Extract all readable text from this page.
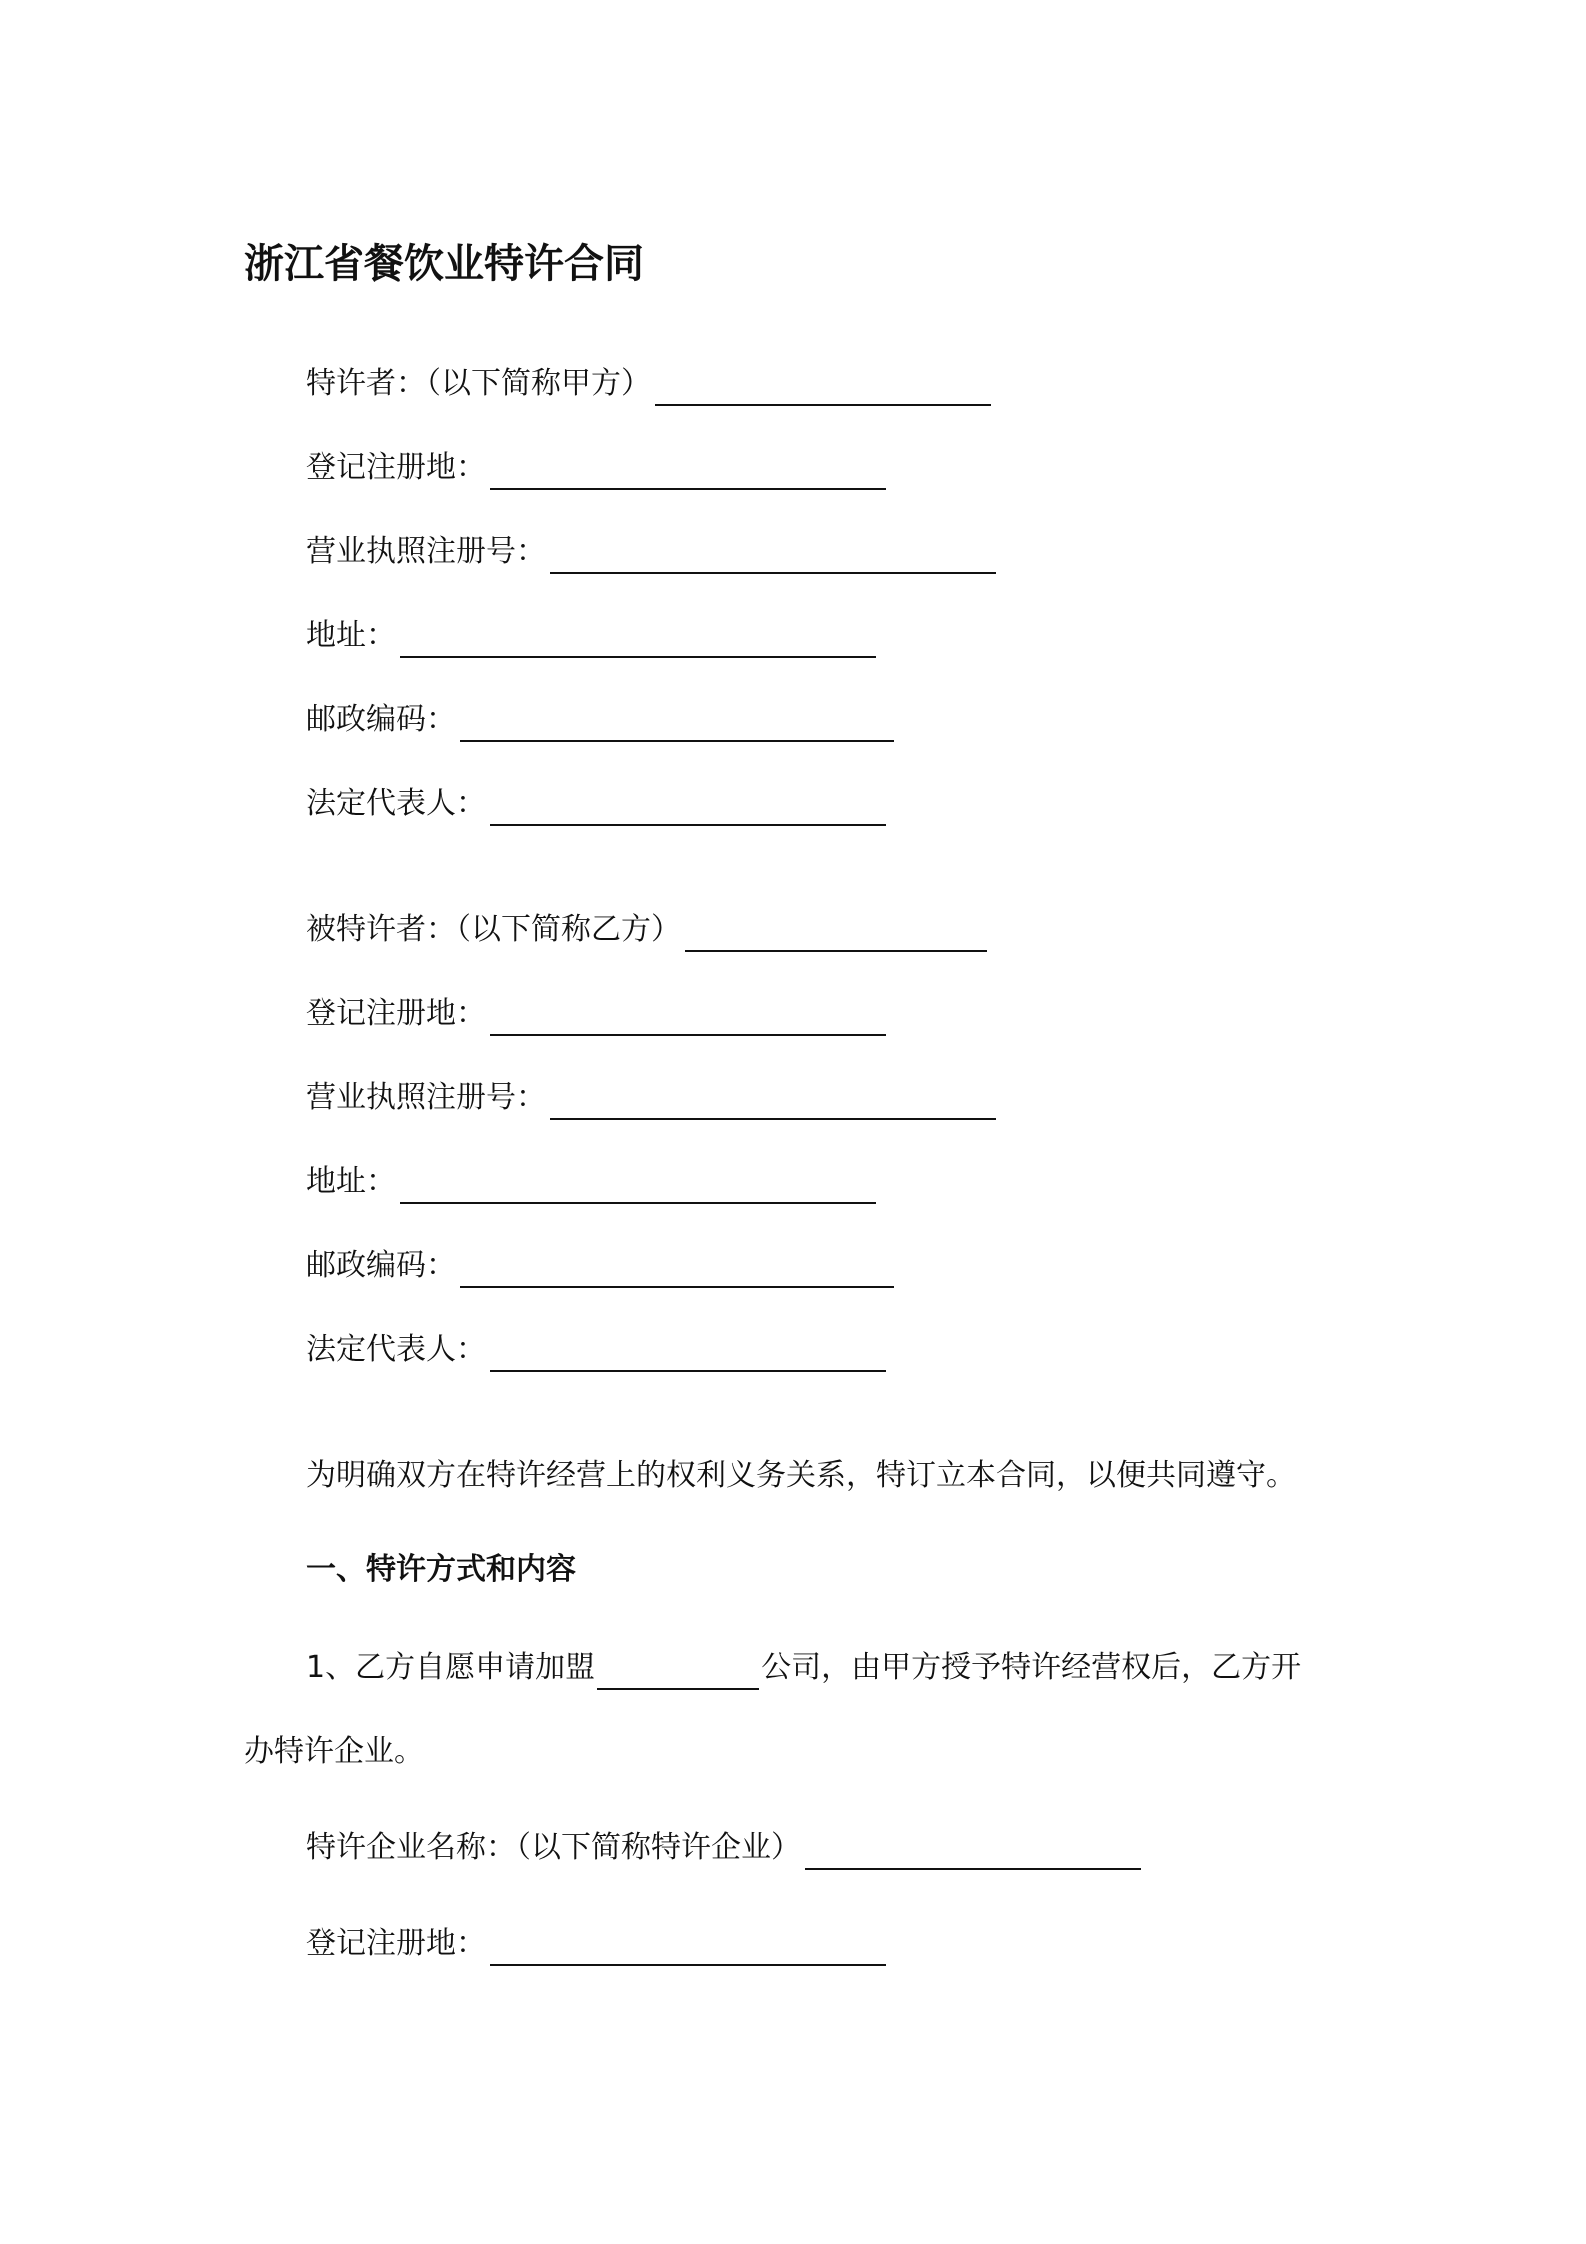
浙江省餐饮业特许合同
特许者：（以下简称甲方）
登记注册地：
营业执照注册号：
地址：
邮政编码：
法定代表人：
被特许者：（以下简称乙方）
登记注册地：
营业执照注册号：
地址：
邮政编码：
法定代表人：
为明确双方在特许经营上的权利义务关系，特订立本合同，以便共同遵守。
一、特许方式和内容
1、乙方自愿申请加盟	公司，由甲方授予特许经营权后，乙方开
办特许企业。
特许企业名称：（以下简称特许企业）
登记注册地：
